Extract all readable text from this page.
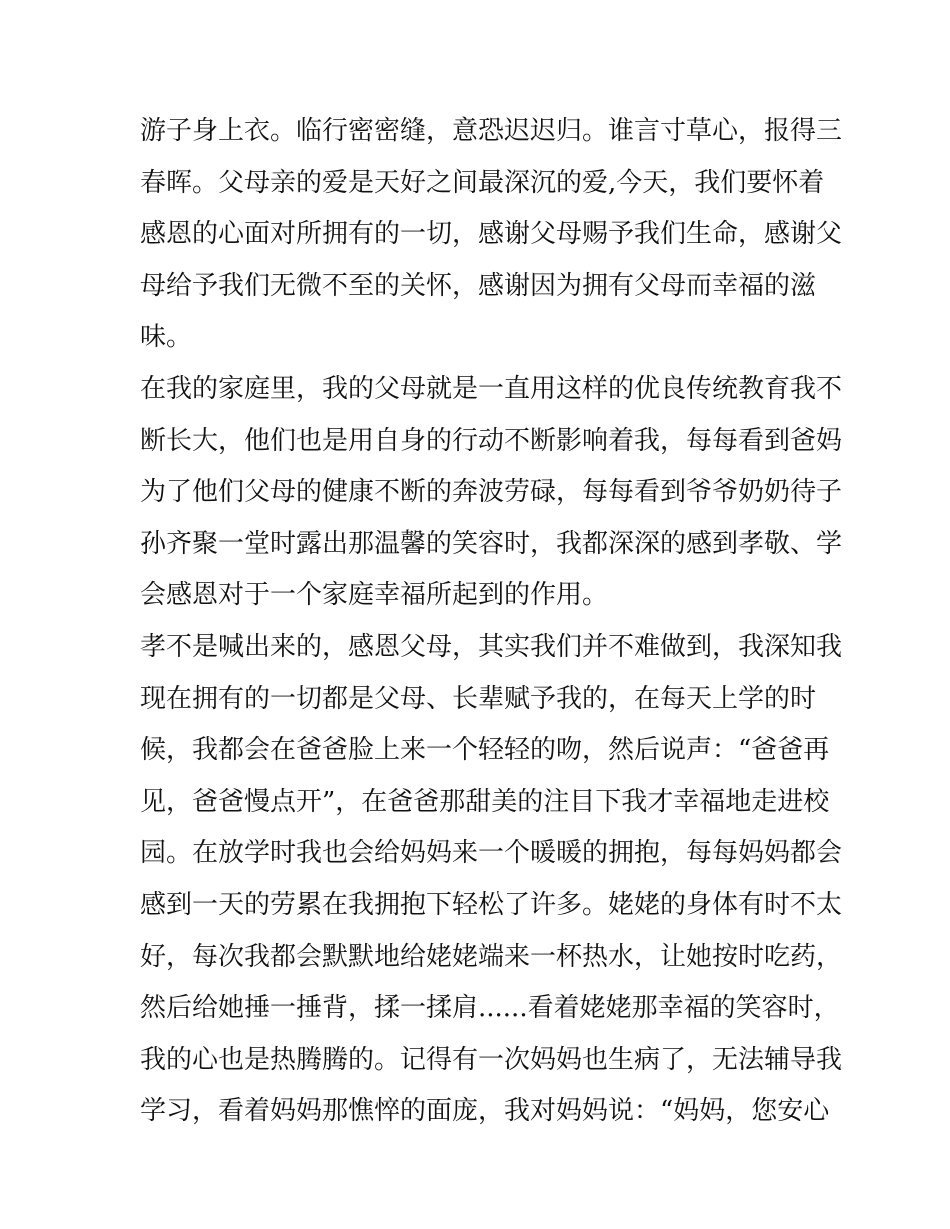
游子身上衣。临行密密缝，意恐迟迟归。谁言寸草心，报得三
春晖。父母亲的爱是天好之间最深沉的爱,今天，我们要怀着
感恩的心面对所拥有的一切，感谢父母赐予我们生命，感谢父
母给予我们无微不至的关怀，感谢因为拥有父母而幸福的滋
味。
在我的家庭里，我的父母就是一直用这样的优良传统教育我不
断长大，他们也是用自身的行动不断影响着我，每每看到爸妈
为了他们父母的健康不断的奔波劳碌，每每看到爷爷奶奶待子
孙齐聚一堂时露出那温馨的笑容时，我都深深的感到孝敬、学
会感恩对于一个家庭幸福所起到的作用。
孝不是喊出来的，感恩父母，其实我们并不难做到，我深知我
现在拥有的一切都是父母、长辈赋予我的，在每天上学的时
候，我都会在爸爸脸上来一个轻轻的吻，然后说声：“爸爸再
见，爸爸慢点开”，在爸爸那甜美的注目下我才幸福地走进校
园。在放学时我也会给妈妈来一个暖暖的拥抱，每每妈妈都会
感到一天的劳累在我拥抱下轻松了许多。姥姥的身体有时不太
好，每次我都会默默地给姥姥端来一杯热水，让她按时吃药，
然后给她捶一捶背，揉一揉肩......看着姥姥那幸福的笑容时，
我的心也是热腾腾的。记得有一次妈妈也生病了，无法辅导我
学习，看着妈妈那憔悴的面庞，我对妈妈说：“妈妈，您安心
